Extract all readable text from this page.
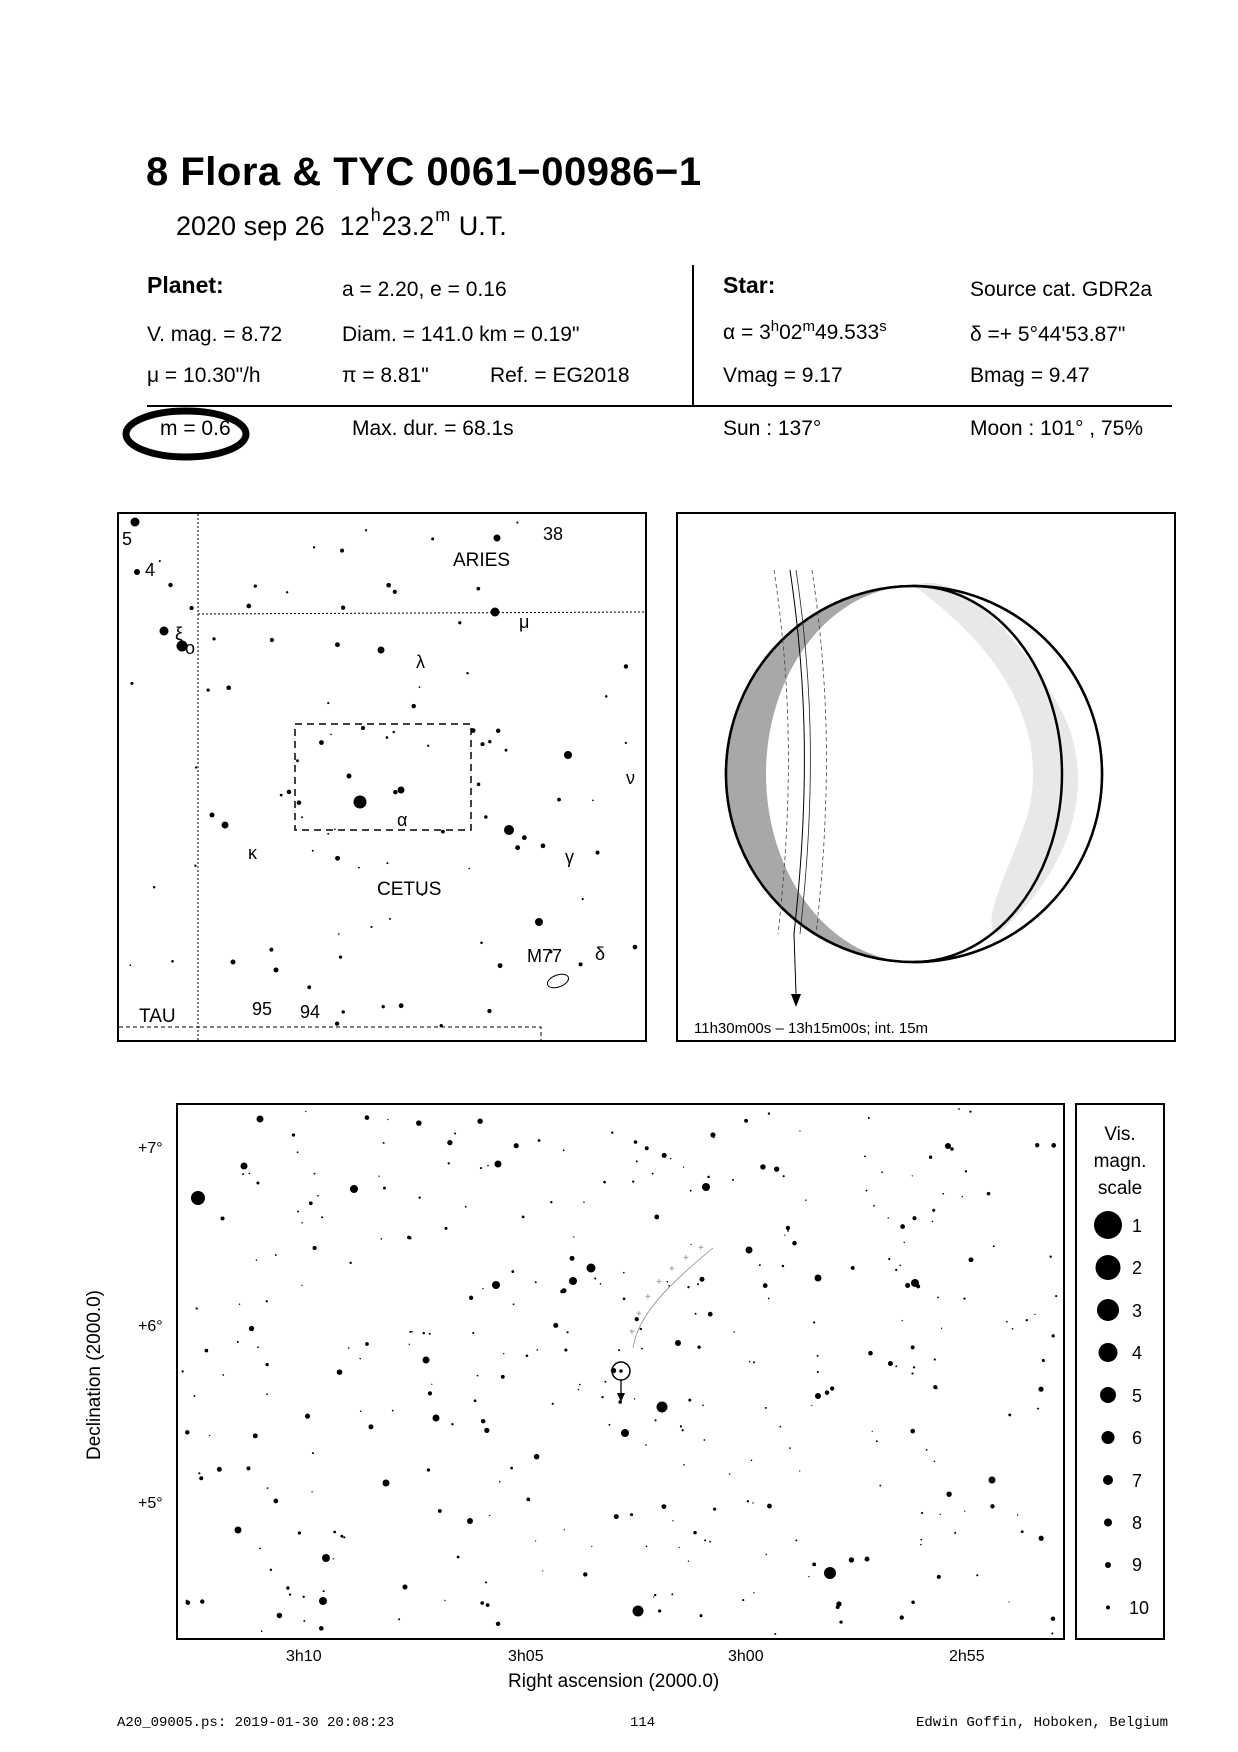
8 Flora & TYC 0061−00986−1
2020 sep 26 12$^h$23.2$^m$ U.T.
Planet:	a = 2.20, e = 0.16
V. mag. = 8.72	Diam. = 141.0 km = 0.19"
μ = 10.30"/h	π = 8.81"	Ref. = EG2018
Star:	Source cat. GDR2a
$\alpha = 3^h02^m49.533^s$	δ =+ 5°44'53.87"
Vmag = 9.17	Bmag = 9.47
m = 0.6	Max. dur. = 68.1s	Sun : 137°	Moon : 101° , 75%
ARIES
CETUS
TAU
5
4
38
ξ
o
μ
λ
ν
α
κ	γ
δ
M77
95 94
11h30m00s – 13h15m00s; int. 15m
+
+
+
+
+
+
+
+7°
+6°
+5°
3h10	3h05	3h00	2h55
Right ascension (2000.0)
Declination (2000.0)
Vis.
magn.
scale
1
2
3
4
5
6
7
8
9
10
A20_09005.ps: 2019-01-30 20:08:23	114	Edwin Goffin, Hoboken, Belgium
